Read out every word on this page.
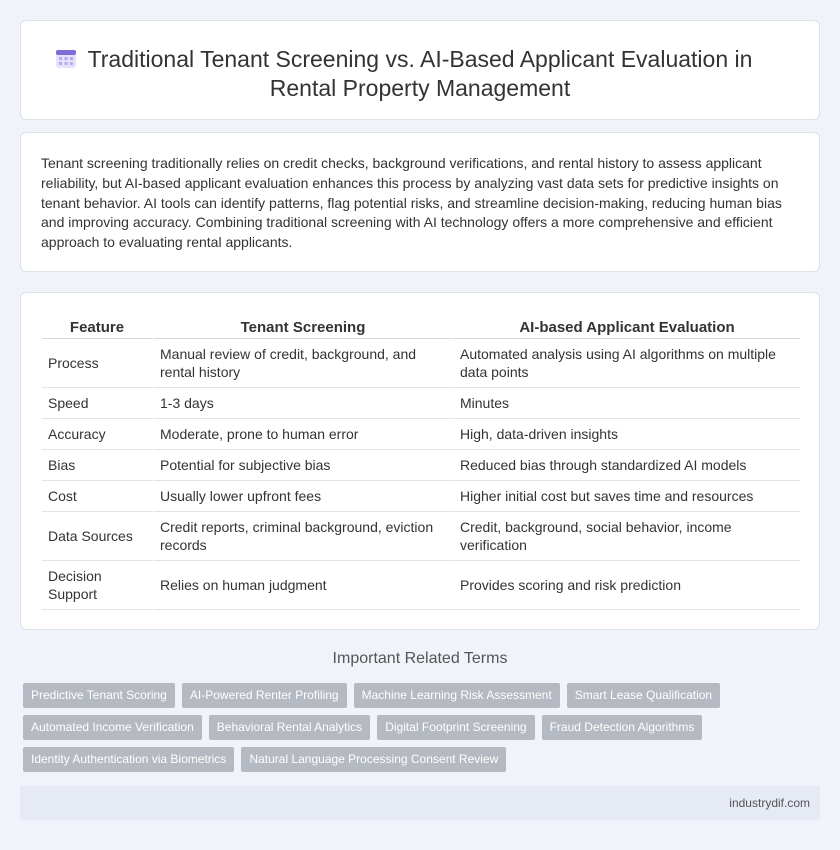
Traditional Tenant Screening vs. AI-Based Applicant Evaluation in
Rental Property Management

Tenant screening traditionally relies on credit checks, background verifications, and rental history to assess applicant reliability, but AI-based applicant evaluation enhances this process by analyzing vast data sets for predictive insights on tenant behavior. AI tools can identify patterns, flag potential risks, and streamline decision-making, reducing human bias and improving accuracy. Combining traditional screening with AI technology offers a more comprehensive and efficient approach to evaluating rental applicants.

Feature	Tenant Screening	AI-based Applicant Evaluation
Process	Manual review of credit, background, and rental history	Automated analysis using AI algorithms on multiple data points
Speed	1-3 days	Minutes
Accuracy	Moderate, prone to human error	High, data-driven insights
Bias	Potential for subjective bias	Reduced bias through standardized AI models
Cost	Usually lower upfront fees	Higher initial cost but saves time and resources
Data Sources	Credit reports, criminal background, eviction records	Credit, background, social behavior, income verification
Decision Support	Relies on human judgment	Provides scoring and risk prediction
Important Related Terms
Predictive Tenant Scoring	AI-Powered Renter Profiling	Machine Learning Risk Assessment	Smart Lease Qualification
Automated Income Verification	Behavioral Rental Analytics	Digital Footprint Screening	Fraud Detection Algorithms
Identity Authentication via Biometrics	Natural Language Processing Consent Review
industrydif.com
